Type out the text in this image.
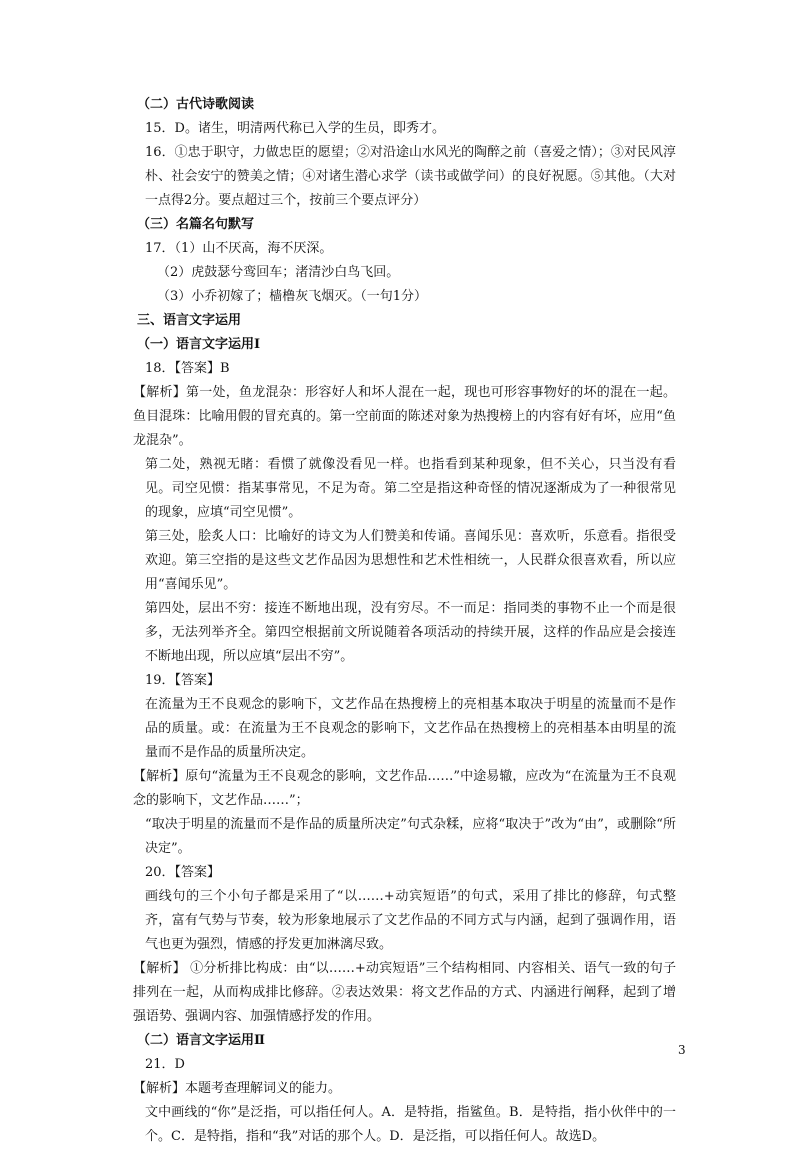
（二）古代诗歌阅读

15．D。诸生，明清两代称已入学的生员，即秀才。

16．①忠于职守，力做忠臣的愿望；②对沿途山水风光的陶醉之前（喜爱之情）；③对民风淳朴、社会安宁的赞美之情；④对诸生潜心求学（读书或做学问）的良好祝愿。⑤其他。（大对一点得2分。要点超过三个，按前三个要点评分）

（三）名篇名句默写

17．（1）山不厌高，海不厌深。

（2）虎鼓瑟兮鸾回车；渚清沙白鸟飞回。

（3）小乔初嫁了；樯橹灰飞烟灭。（一句1分）

三、语言文字运用

（一）语言文字运用Ⅰ

18．【答案】B

【解析】第一处，鱼龙混杂：形容好人和坏人混在一起，现也可形容事物好的坏的混在一起。鱼目混珠：比喻用假的冒充真的。第一空前面的陈述对象为热搜榜上的内容有好有坏，应用“鱼龙混杂”。

第二处，熟视无睹：看惯了就像没看见一样。也指看到某种现象，但不关心，只当没有看见。司空见惯：指某事常见，不足为奇。第二空是指这种奇怪的情况逐渐成为了一种很常见的现象，应填“司空见惯”。

第三处，脍炙人口：比喻好的诗文为人们赞美和传诵。喜闻乐见：喜欢听，乐意看。指很受欢迎。第三空指的是这些文艺作品因为思想性和艺术性相统一，人民群众很喜欢看，所以应用“喜闻乐见”。

第四处，层出不穷：接连不断地出现，没有穷尽。不一而足：指同类的事物不止一个而是很多，无法列举齐全。第四空根据前文所说随着各项活动的持续开展，这样的作品应是会接连不断地出现，所以应填“层出不穷”。

19．【答案】

在流量为王不良观念的影响下，文艺作品在热搜榜上的亮相基本取决于明星的流量而不是作品的质量。或：在流量为王不良观念的影响下，文艺作品在热搜榜上的亮相基本由明星的流量而不是作品的质量所决定。

【解析】原句“流量为王不良观念的影响，文艺作品……”中途易辙，应改为“在流量为王不良观念的影响下，文艺作品……”；

“取决于明星的流量而不是作品的质量所决定”句式杂糅，应将“取决于”改为“由”，或删除“所决定”。

20．【答案】

画线句的三个小句子都是采用了“以……+动宾短语”的句式，采用了排比的修辞，句式整齐，富有气势与节奏，较为形象地展示了文艺作品的不同方式与内涵，起到了强调作用，语气也更为强烈，情感的抒发更加淋漓尽致。

【解析】 ①分析排比构成：由“以……+动宾短语”三个结构相同、内容相关、语气一致的句子排列在一起，从而构成排比修辞。②表达效果：将文艺作品的方式、内涵进行阐释，起到了增强语势、强调内容、加强情感抒发的作用。

（二）语言文字运用Ⅱ

21．D

【解析】本题考查理解词义的能力。

文中画线的“你”是泛指，可以指任何人。A．是特指，指鲨鱼。B．是特指，指小伙伴中的一个。C．是特指，指和“我”对话的那个人。D．是泛指，可以指任何人。故选D。

3
